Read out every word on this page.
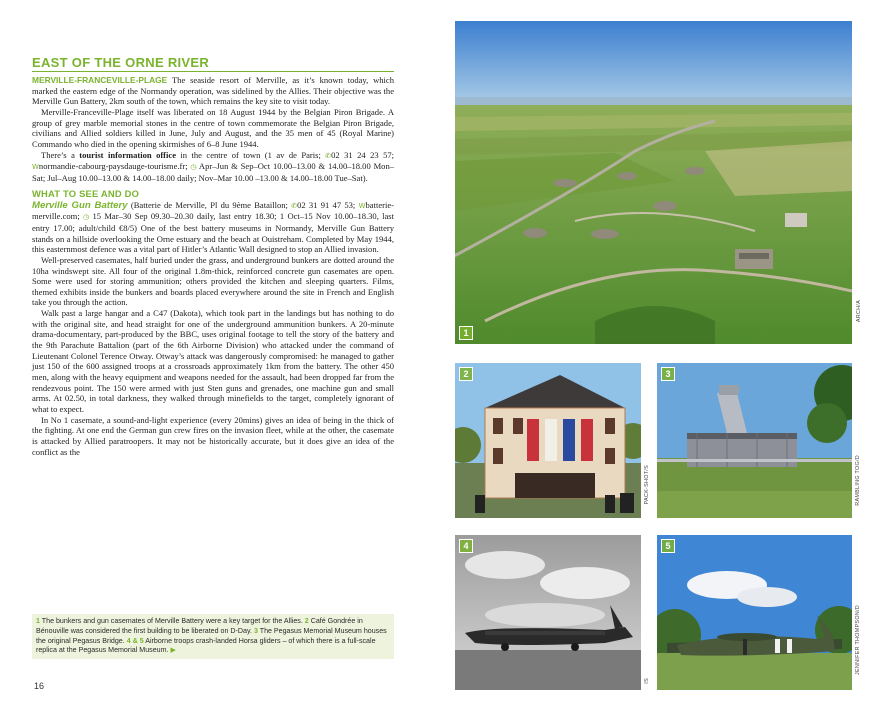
EAST OF THE ORNE RIVER

MERVILLE-FRANCEVILLE-PLAGE The seaside resort of Merville, as it’s known today, which marked the eastern edge of the Normandy operation, was sidelined by the Allies. Their objective was the Merville Gun Battery, 2km south of the town, which remains the key site to visit today.

Merville-Franceville-Plage itself was liberated on 18 August 1944 by the Belgian Piron Brigade. A group of grey marble memorial stones in the centre of town commemorate the Belgian Piron Brigade, civilians and Allied soldiers killed in June, July and August, and the 35 men of 45 (Royal Marine) Commando who died in the opening skirmishes of 6–8 June 1944.

There’s a tourist information office in the centre of town (1 av de Paris; ✆02 31 24 23 57; Wnormandie-cabourg-paysdauge-tourisme.fr; ◷ Apr–Jun & Sep–Oct 10.00–13.00 & 14.00–18.00 Mon–Sat; Jul–Aug 10.00–13.00 & 14.00–18.00 daily; Nov–Mar 10.00 –13.00 & 14.00–18.00 Tue–Sat).

WHAT TO SEE AND DO

Merville Gun Battery (Batterie de Merville, Pl du 9ème Bataillon; ✆02 31 91 47 53; Wbatterie-merville.com; ◷ 15 Mar–30 Sep 09.30–20.30 daily, last entry 18.30; 1 Oct–15 Nov 10.00–18.30, last entry 17.00; adult/child €8/5) One of the best battery museums in Normandy, Merville Gun Battery stands on a hillside overlooking the Orne estuary and the beach at Ouistreham. Completed by May 1944, this easternmost defence was a vital part of Hitler’s Atlantic Wall designed to stop an Allied invasion.

Well-preserved casemates, half buried under the grass, and underground bunkers are dotted around the 10ha windswept site. All four of the original 1.8m-thick, reinforced concrete gun casemates are open. Some were used for storing ammunition; others provided the kitchen and sleeping quarters. Films, themed exhibits inside the bunkers and boards placed everywhere around the site in French and English take you through the action.

Walk past a large hangar and a C47 (Dakota), which took part in the landings but has nothing to do with the original site, and head straight for one of the underground ammunition bunkers. A 20-minute drama-documentary, part-produced by the BBC, uses original footage to tell the story of the battery and the 9th Parachute Battalion (part of the 6th Airborne Division) who attacked under the command of Lieutenant Colonel Terence Otway. Otway’s attack was dangerously compromised: he managed to gather just 150 of the 600 assigned troops at a crossroads approximately 1km from the battery. The other 450 men, along with the heavy equipment and weapons needed for the assault, had been dropped far from the rendezvous point. The 150 were armed with just Sten guns and grenades, one machine gun and small arms. At 02.50, in total darkness, they walked through minefields to the target, completely ignorant of what to expect.

In No 1 casemate, a sound-and-light experience (every 20mins) gives an idea of being in the thick of the fighting. At one end the German gun crew fires on the invasion fleet, while at the other, the casemate is attacked by Allied paratroopers. It may not be historically accurate, but it does give an idea of the conflict as the

1 The bunkers and gun casemates of Merville Battery were a key target for the Allies. 2 Café Gondrée in Bénouville was considered the first building to be liberated on D-Day. 3 The Pegasus Memorial Museum houses the original Pegasus Bridge. 4 & 5 Airborne troops crash-landed Horsa gliders – of which there is a full-scale replica at the Pegasus Memorial Museum. ▶
16
1
ARCH/A
2
PACK-SHOT/S
3
RAMBLING TOG/D
4
IS
5
JENNIFER THOMPSON/D
